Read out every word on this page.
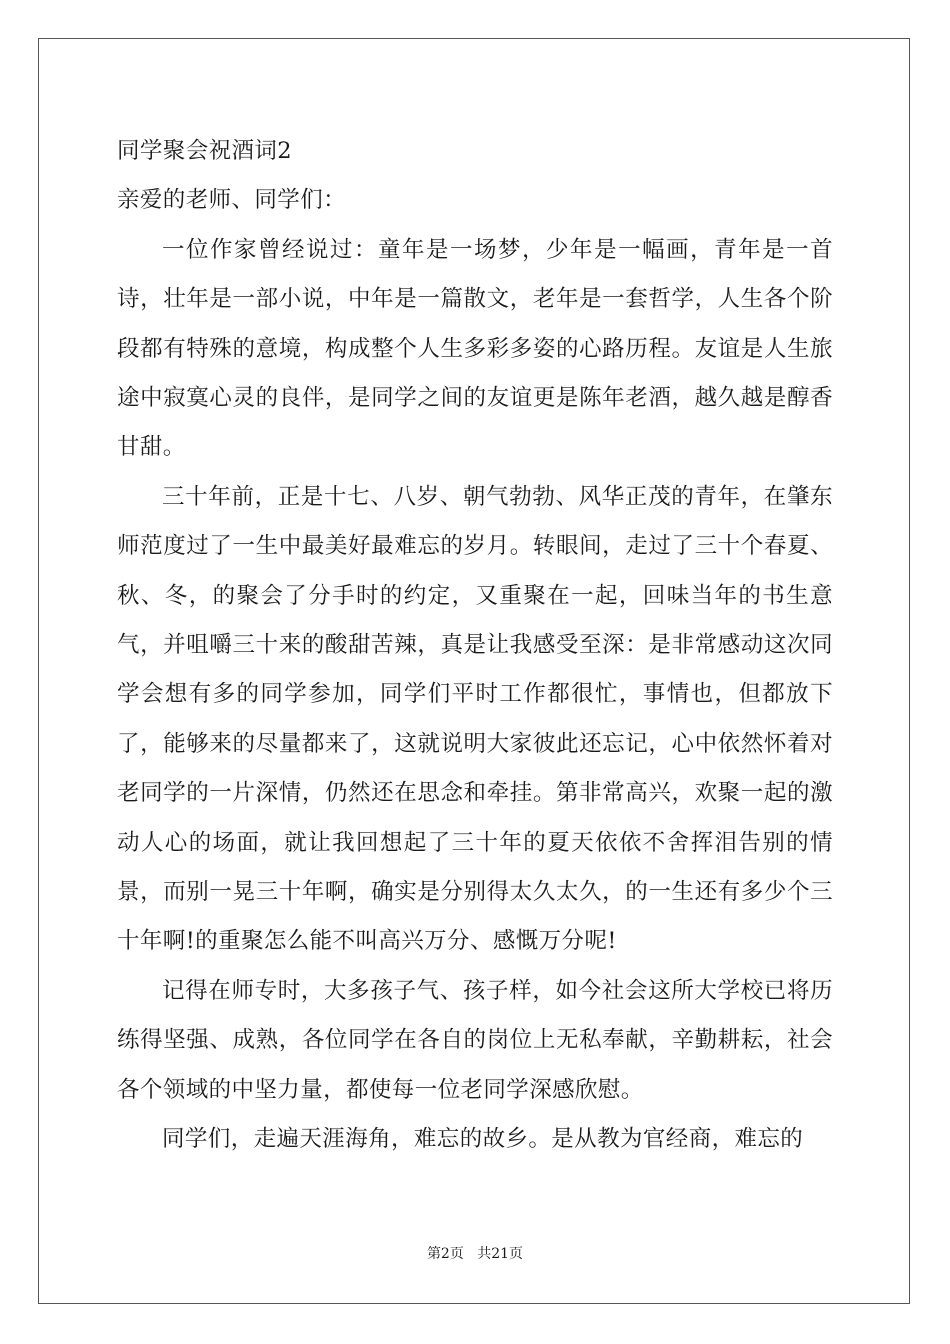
同学聚会祝酒词2
亲爱的老师、同学们：

一位作家曾经说过：童年是一场梦，少年是一幅画，青年是一首诗，壮年是一部小说，中年是一篇散文，老年是一套哲学，人生各个阶段都有特殊的意境，构成整个人生多彩多姿的心路历程。友谊是人生旅途中寂寞心灵的良伴，是同学之间的友谊更是陈年老酒，越久越是醇香甘甜。

三十年前，正是十七、八岁、朝气勃勃、风华正茂的青年，在肇东师范度过了一生中最美好最难忘的岁月。转眼间，走过了三十个春夏、秋、冬，的聚会了分手时的约定，又重聚在一起，回味当年的书生意气，并咀嚼三十来的酸甜苦辣，真是让我感受至深：是非常感动这次同学会想有多的同学参加，同学们平时工作都很忙，事情也，但都放下了，能够来的尽量都来了，这就说明大家彼此还忘记，心中依然怀着对老同学的一片深情，仍然还在思念和牵挂。第非常高兴，欢聚一起的激动人心的场面，就让我回想起了三十年的夏天依依不舍挥泪告别的情景，而别一晃三十年啊，确实是分别得太久太久，的一生还有多少个三十年啊!的重聚怎么能不叫高兴万分、感慨万分呢!

记得在师专时，大多孩子气、孩子样，如今社会这所大学校已将历练得坚强、成熟，各位同学在各自的岗位上无私奉献，辛勤耕耘，社会各个领域的中坚力量，都使每一位老同学深感欣慰。

同学们，走遍天涯海角，难忘的故乡。是从教为官经商，难忘的

第2页 共21页
